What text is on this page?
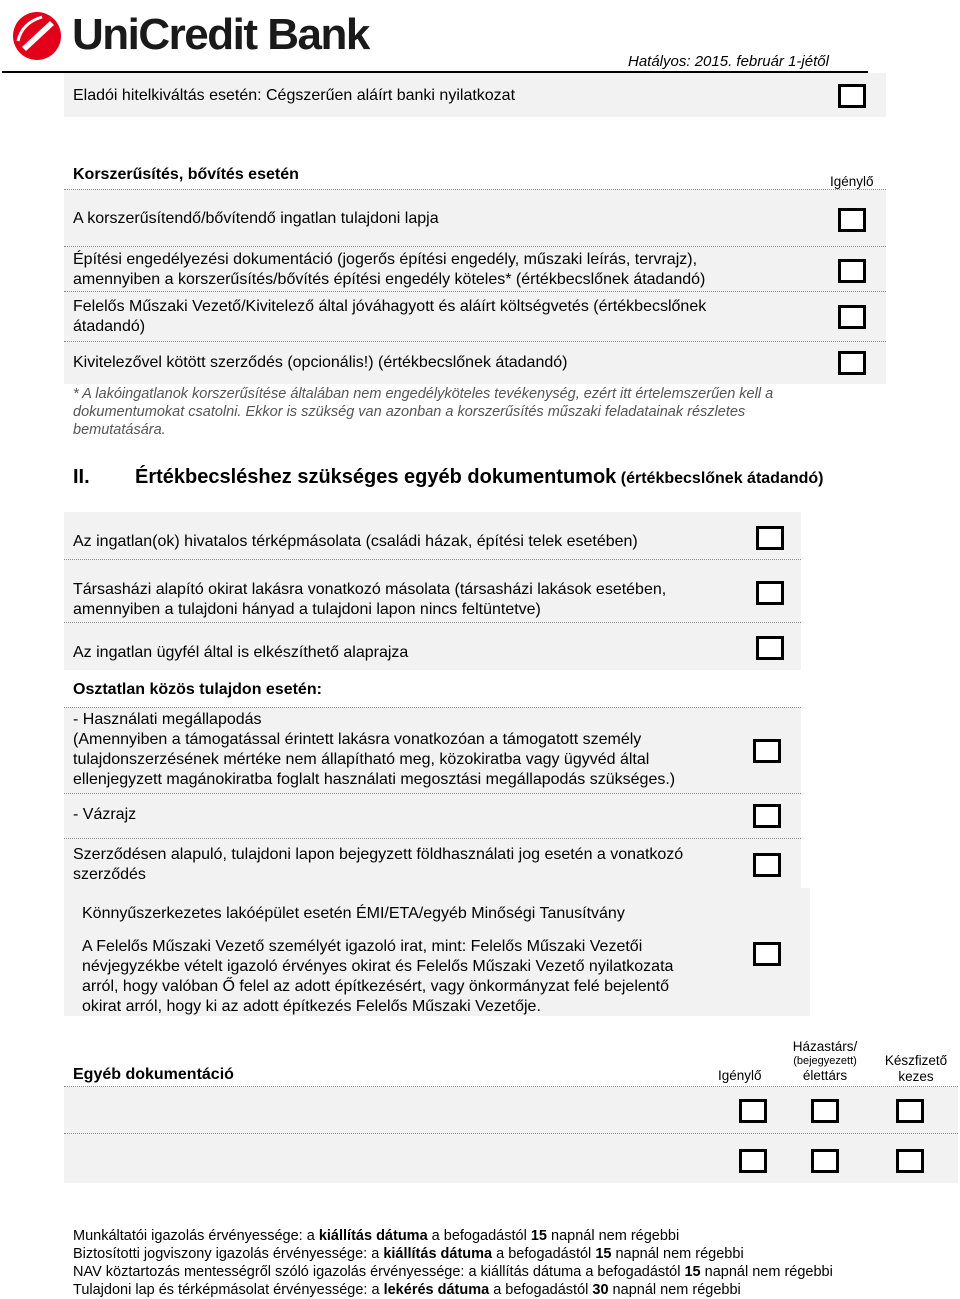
UniCredit Bank
Hatályos: 2015. február 1-jétől
Eladói hitelkiváltás esetén: Cégszerűen aláírt banki nyilatkozat
Korszerűsítés, bővítés esetén	Igénylő
A korszerűsítendő/bővítendő ingatlan tulajdoni lapja
Építési engedélyezési dokumentáció (jogerős építési engedély, műszaki leírás, tervrajz),
amennyiben a korszerűsítés/bővítés építési engedély köteles* (értékbecslőnek átadandó)
Felelős Műszaki Vezető/Kivitelező által jóváhagyott és aláírt költségvetés (értékbecslőnek
átadandó)
Kivitelezővel kötött szerződés (opcionális!) (értékbecslőnek átadandó)
* A lakóingatlanok korszerűsítése általában nem engedélyköteles tevékenység, ezért itt értelemszerűen kell a
dokumentumokat csatolni. Ekkor is szükség van azonban a korszerűsítés műszaki feladatainak részletes
bemutatására.
II. Értékbecsléshez szükséges egyéb dokumentumok (értékbecslőnek átadandó)
Az ingatlan(ok) hivatalos térképmásolata (családi házak, építési telek esetében)
Társasházi alapító okirat lakásra vonatkozó másolata (társasházi lakások esetében,
amennyiben a tulajdoni hányad a tulajdoni lapon nincs feltüntetve)
Az ingatlan ügyfél által is elkészíthető alaprajza
Osztatlan közös tulajdon esetén:
- Használati megállapodás
(Amennyiben a támogatással érintett lakásra vonatkozóan a támogatott személy
tulajdonszerzésének mértéke nem állapítható meg, közokiratba vagy ügyvéd által
ellenjegyzett magánokiratba foglalt használati megosztási megállapodás szükséges.)
- Vázrajz
Szerződésen alapuló, tulajdoni lapon bejegyzett földhasználati jog esetén a vonatkozó
szerződés
Könnyűszerkezetes lakóépület esetén ÉMI/ETA/egyéb Minőségi Tanusítvány
A Felelős Műszaki Vezető személyét igazoló irat, mint: Felelős Műszaki Vezetői
névjegyzékbe vételt igazoló érvényes okirat és Felelős Műszaki Vezető nyilatkozata
arról, hogy valóban Ő felel az adott építkezésért, vagy önkormányzat felé bejelentő
okirat arról, hogy ki az adott építkezés Felelős Műszaki Vezetője.
Egyéb dokumentáció	Igénylő
Házastárs/
(bejegyezett)
élettárs
Készfizető
kezes
Munkáltatói igazolás érvényessége: a kiállítás dátuma a befogadástól 15 napnál nem régebbi
Biztosítotti jogviszony igazolás érvényessége: a kiállítás dátuma a befogadástól 15 napnál nem régebbi
NAV köztartozás mentességről szóló igazolás érvényessége: a kiállítás dátuma a befogadástól 15 napnál nem régebbi
Tulajdoni lap és térképmásolat érvényessége: a lekérés dátuma a befogadástól 30 napnál nem régebbi
